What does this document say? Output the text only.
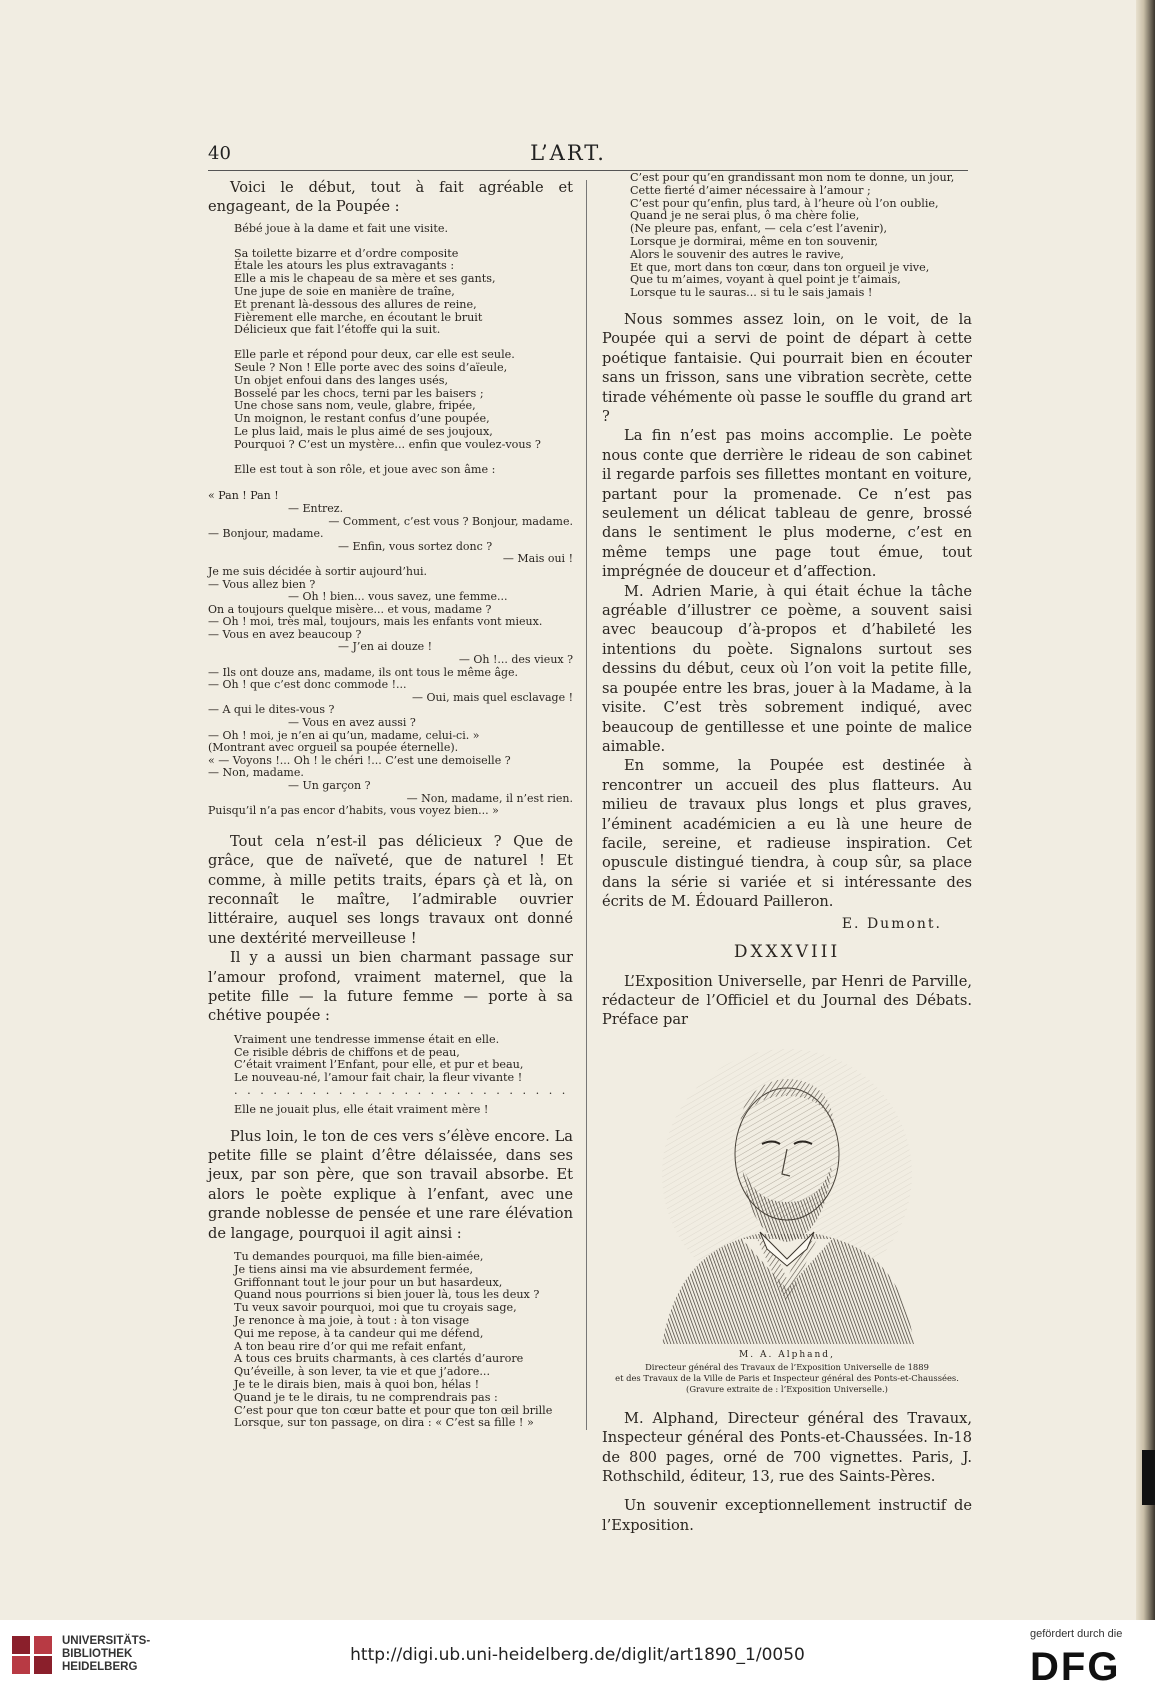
40	L’ART.

Voici le début, tout à fait agréable et engageant, de la Poupée :

Bébé joue à la dame et fait une visite.

Sa toilette bizarre et d’ordre composite

Étale les atours les plus extravagants :

Elle a mis le chapeau de sa mère et ses gants,

Une jupe de soie en manière de traîne,

Et prenant là-dessous des allures de reine,

Fièrement elle marche, en écoutant le bruit

Délicieux que fait l’étoffe qui la suit.

Elle parle et répond pour deux, car elle est seule.

Seule ? Non ! Elle porte avec des soins d’aïeule,

Un objet enfoui dans des langes usés,

Bosselé par les chocs, terni par les baisers ;

Une chose sans nom, veule, glabre, fripée,

Un moignon, le restant confus d’une poupée,

Le plus laid, mais le plus aimé de ses joujoux,

Pourquoi ? C’est un mystère... enfin que voulez-vous ?

Elle est tout à son rôle, et joue avec son âme :

« Pan ! Pan !

— Entrez.

— Comment, c’est vous ? Bonjour, madame.

— Bonjour, madame.

— Enfin, vous sortez donc ?

— Mais oui !

Je me suis décidée à sortir aujourd’hui.

— Vous allez bien ?

— Oh ! bien... vous savez, une femme...

On a toujours quelque misère... et vous, madame ?

— Oh ! moi, très mal, toujours, mais les enfants vont mieux.

— Vous en avez beaucoup ?

— J’en ai douze !

— Oh !... des vieux ?

— Ils ont douze ans, madame, ils ont tous le même âge.

— Oh ! que c’est donc commode !...

— Oui, mais quel esclavage !

— A qui le dites-vous ?

— Vous en avez aussi ?

— Oh ! moi, je n’en ai qu’un, madame, celui-ci. »

(Montrant avec orgueil sa poupée éternelle).

« — Voyons !... Oh ! le chéri !... C’est une demoiselle ?

— Non, madame.

— Un garçon ?

— Non, madame, il n’est rien.

Puisqu’il n’a pas encor d’habits, vous voyez bien... »

Tout cela n’est-il pas délicieux ? Que de grâce, que de naïveté, que de naturel ! Et comme, à mille petits traits, épars çà et là, on reconnaît le maître, l’admirable ouvrier littéraire, auquel ses longs travaux ont donné une dextérité merveilleuse !

Il y a aussi un bien charmant passage sur l’amour profond, vraiment maternel, que la petite fille — la future femme — porte à sa chétive poupée :

Vraiment une tendresse immense était en elle.

Ce risible débris de chiffons et de peau,

C’était vraiment l’Enfant, pour elle, et pur et beau,

Le nouveau-né, l’amour fait chair, la fleur vivante !

. . . . . . . . . . . . . . . . . . . . . . . . . .

Elle ne jouait plus, elle était vraiment mère !

Plus loin, le ton de ces vers s’élève encore. La petite fille se plaint d’être délaissée, dans ses jeux, par son père, que son travail absorbe. Et alors le poète explique à l’enfant, avec une grande noblesse de pensée et une rare élévation de langage, pourquoi il agit ainsi :

Tu demandes pourquoi, ma fille bien-aimée,

Je tiens ainsi ma vie absurdement fermée,

Griffonnant tout le jour pour un but hasardeux,

Quand nous pourrions si bien jouer là, tous les deux ?

Tu veux savoir pourquoi, moi que tu croyais sage,

Je renonce à ma joie, à tout : à ton visage

Qui me repose, à ta candeur qui me défend,

A ton beau rire d’or qui me refait enfant,

A tous ces bruits charmants, à ces clartés d’aurore

Qu’éveille, à son lever, ta vie et que j’adore...

Je te le dirais bien, mais à quoi bon, hélas !

Quand je te le dirais, tu ne comprendrais pas :

C’est pour que ton cœur batte et pour que ton œil brille

Lorsque, sur ton passage, on dira : « C’est sa fille ! »

C’est pour qu’en grandissant mon nom te donne, un jour,

Cette fierté d’aimer nécessaire à l’amour ;

C’est pour qu’enfin, plus tard, à l’heure où l’on oublie,

Quand je ne serai plus, ô ma chère folie,

(Ne pleure pas, enfant, — cela c’est l’avenir),

Lorsque je dormirai, même en ton souvenir,

Alors le souvenir des autres le ravive,

Et que, mort dans ton cœur, dans ton orgueil je vive,

Que tu m’aimes, voyant à quel point je t’aimais,

Lorsque tu le sauras... si tu le sais jamais !

Nous sommes assez loin, on le voit, de la Poupée qui a servi de point de départ à cette poétique fantaisie. Qui pourrait bien en écouter sans un frisson, sans une vibration secrète, cette tirade véhémente où passe le souffle du grand art ?

La fin n’est pas moins accomplie. Le poète nous conte que derrière le rideau de son cabinet il regarde parfois ses fillettes montant en voiture, partant pour la promenade. Ce n’est pas seulement un délicat tableau de genre, brossé dans le sentiment le plus moderne, c’est en même temps une page tout émue, tout imprégnée de douceur et d’affection.

M. Adrien Marie, à qui était échue la tâche agréable d’illustrer ce poème, a souvent saisi avec beaucoup d’à-propos et d’habileté les intentions du poète. Signalons surtout ses dessins du début, ceux où l’on voit la petite fille, sa poupée entre les bras, jouer à la Madame, à la visite. C’est très sobrement indiqué, avec beaucoup de gentillesse et une pointe de malice aimable.

En somme, la Poupée est destinée à rencontrer un accueil des plus flatteurs. Au milieu de travaux plus longs et plus graves, l’éminent académicien a eu là une heure de facile, sereine, et radieuse inspiration. Cet opuscule distingué tiendra, à coup sûr, sa place dans la série si variée et si intéressante des écrits de M. Édouard Pailleron.

E. Dumont.

DXXXVIII

L’Exposition Universelle, par Henri de Parville, rédacteur de l’Officiel et du Journal des Débats. Préface par

M. A. Alphand,

Directeur général des Travaux de l’Exposition Universelle de 1889

et des Travaux de la Ville de Paris et Inspecteur général des Ponts-et-Chaussées.

(Gravure extraite de : l’Exposition Universelle.)

M. Alphand, Directeur général des Travaux, Inspecteur général des Ponts-et-Chaussées. In-18 de 800 pages, orné de 700 vignettes. Paris, J. Rothschild, éditeur, 13, rue des Saints-Pères.

Un souvenir exceptionnellement instructif de l’Exposition.

UNIVERSITÄTS-
BIBLIOTHEK
HEIDELBERG
http://digi.ub.uni-heidelberg.de/diglit/art1890_1/0050
gefördert durch die
DFG
